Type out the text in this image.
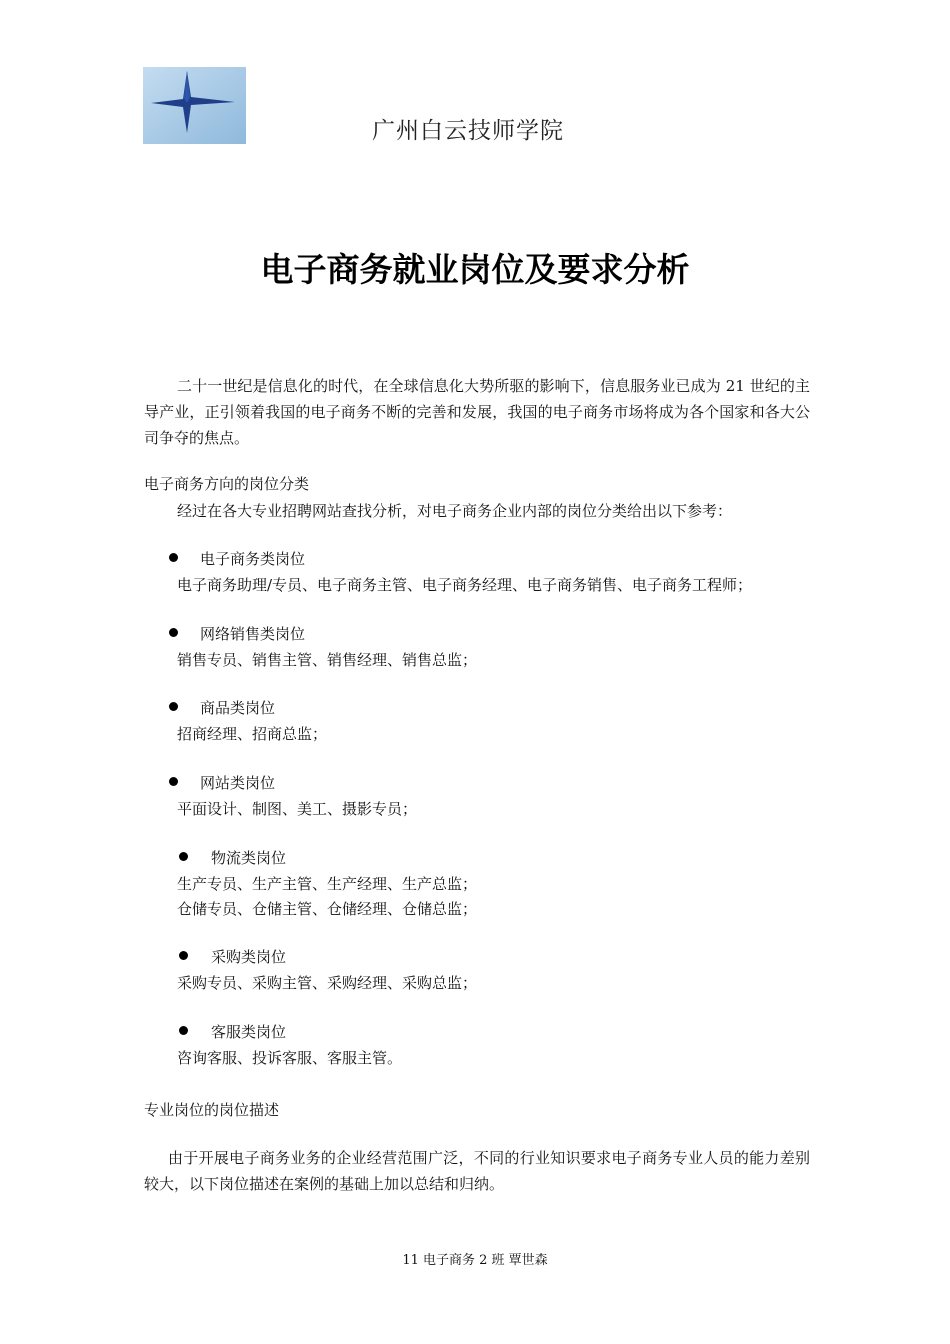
广州白云技师学院
电子商务就业岗位及要求分析
二十一世纪是信息化的时代，在全球信息化大势所驱的影响下，信息服务业已成为 21 世纪的主导产业，正引领着我国的电子商务不断的完善和发展，我国的电子商务市场将成为各个国家和各大公司争夺的焦点。
电子商务方向的岗位分类
经过在各大专业招聘网站查找分析，对电子商务企业内部的岗位分类给出以下参考：
电子商务类岗位
电子商务助理/专员、电子商务主管、电子商务经理、电子商务销售、电子商务工程师；
网络销售类岗位
销售专员、销售主管、销售经理、销售总监；
商品类岗位
招商经理、招商总监；
网站类岗位
平面设计、制图、美工、摄影专员；
物流类岗位
生产专员、生产主管、生产经理、生产总监；
仓储专员、仓储主管、仓储经理、仓储总监；
采购类岗位
采购专员、采购主管、采购经理、采购总监；
客服类岗位
咨询客服、投诉客服、客服主管。
专业岗位的岗位描述
由于开展电子商务业务的企业经营范围广泛，不同的行业知识要求电子商务专业人员的能力差别较大，以下岗位描述在案例的基础上加以总结和归纳。
11 电子商务 2 班 覃世森
